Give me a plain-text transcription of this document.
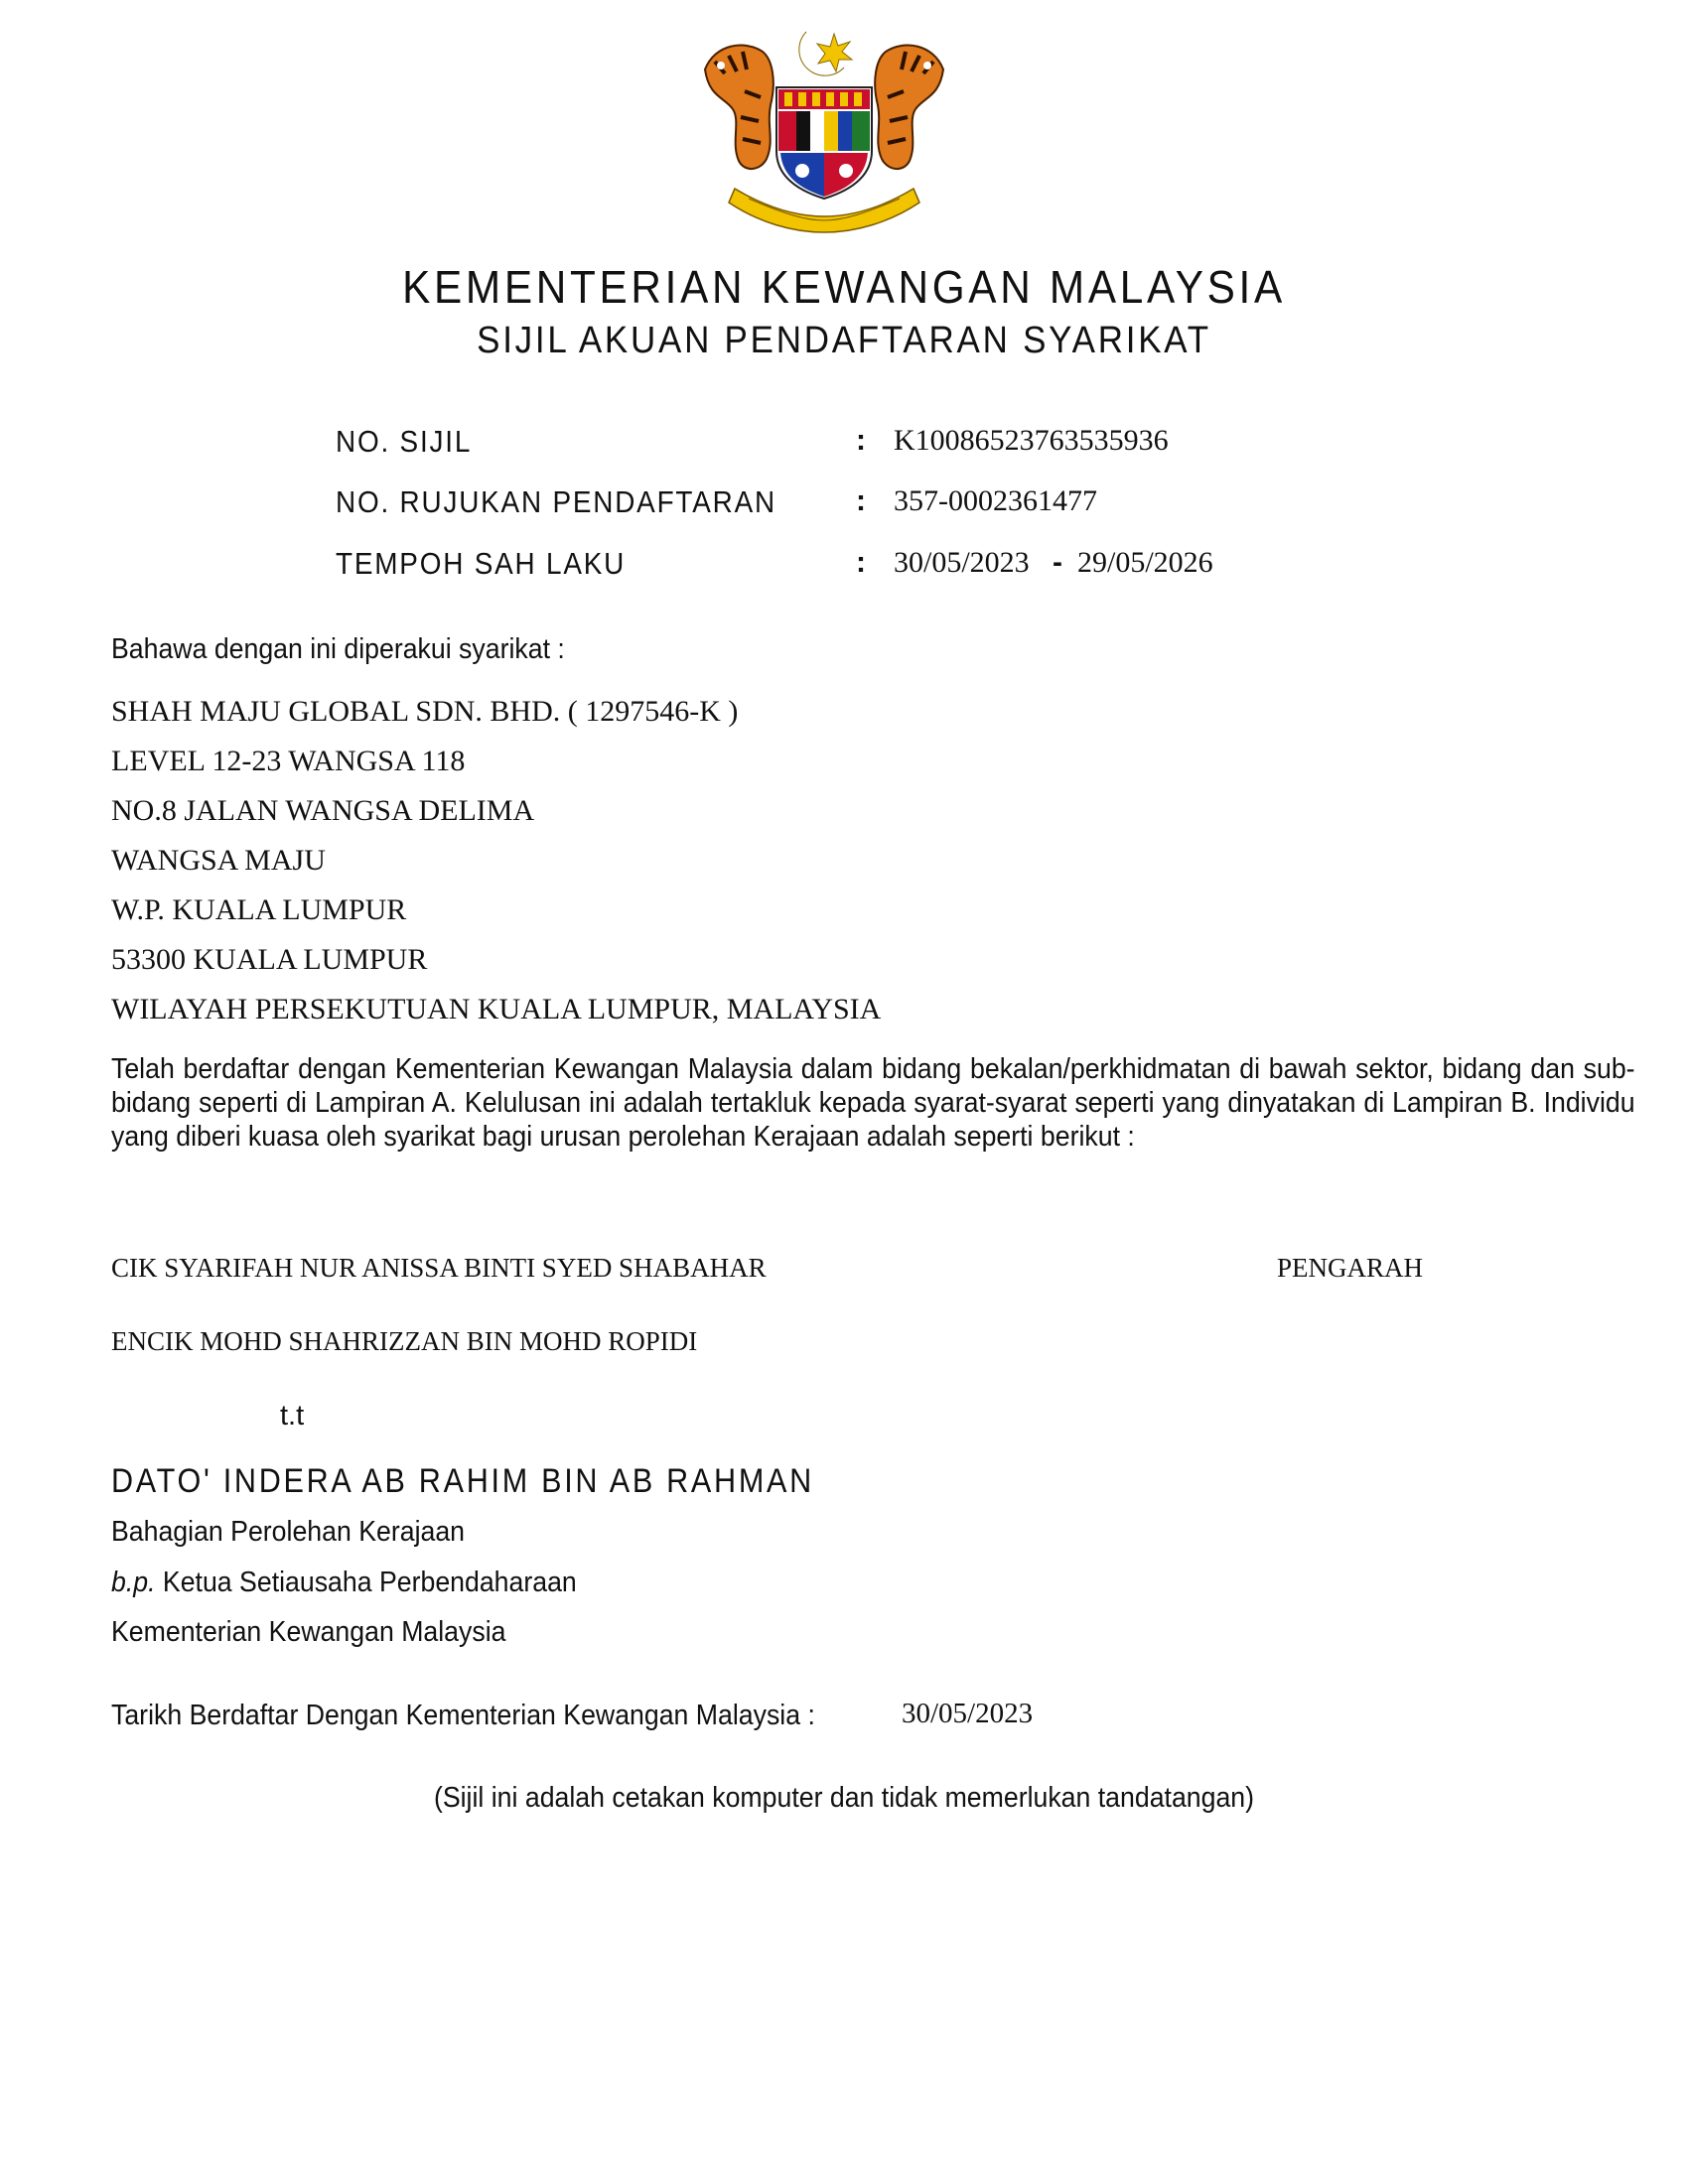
KEMENTERIAN KEWANGAN MALAYSIA
SIJIL AKUAN PENDAFTARAN SYARIKAT
NO. SIJIL	: K10086523763535936
NO. RUJUKAN PENDAFTARAN	: 357-0002361477
TEMPOH SAH LAKU	: 30/05/2023 - 29/05/2026
Bahawa dengan ini diperakui syarikat :
SHAH MAJU GLOBAL SDN. BHD. ( 1297546-K )
LEVEL 12-23 WANGSA 118
NO.8 JALAN WANGSA DELIMA
WANGSA MAJU
W.P. KUALA LUMPUR
53300 KUALA LUMPUR
WILAYAH PERSEKUTUAN KUALA LUMPUR, MALAYSIA
Telah berdaftar dengan Kementerian Kewangan Malaysia dalam bidang bekalan/perkhidmatan di bawah sektor, bidang dan sub-bidang seperti di Lampiran A. Kelulusan ini adalah tertakluk kepada syarat-syarat seperti yang dinyatakan di Lampiran B. Individu yang diberi kuasa oleh syarikat bagi urusan perolehan Kerajaan adalah seperti berikut :
CIK SYARIFAH NUR ANISSA BINTI SYED SHABAHAR	PENGARAH
ENCIK MOHD SHAHRIZZAN BIN MOHD ROPIDI
t.t
DATO' INDERA AB RAHIM BIN AB RAHMAN
Bahagian Perolehan Kerajaan
b.p. Ketua Setiausaha Perbendaharaan
Kementerian Kewangan Malaysia
Tarikh Berdaftar Dengan Kementerian Kewangan Malaysia :	30/05/2023
(Sijil ini adalah cetakan komputer dan tidak memerlukan tandatangan)
